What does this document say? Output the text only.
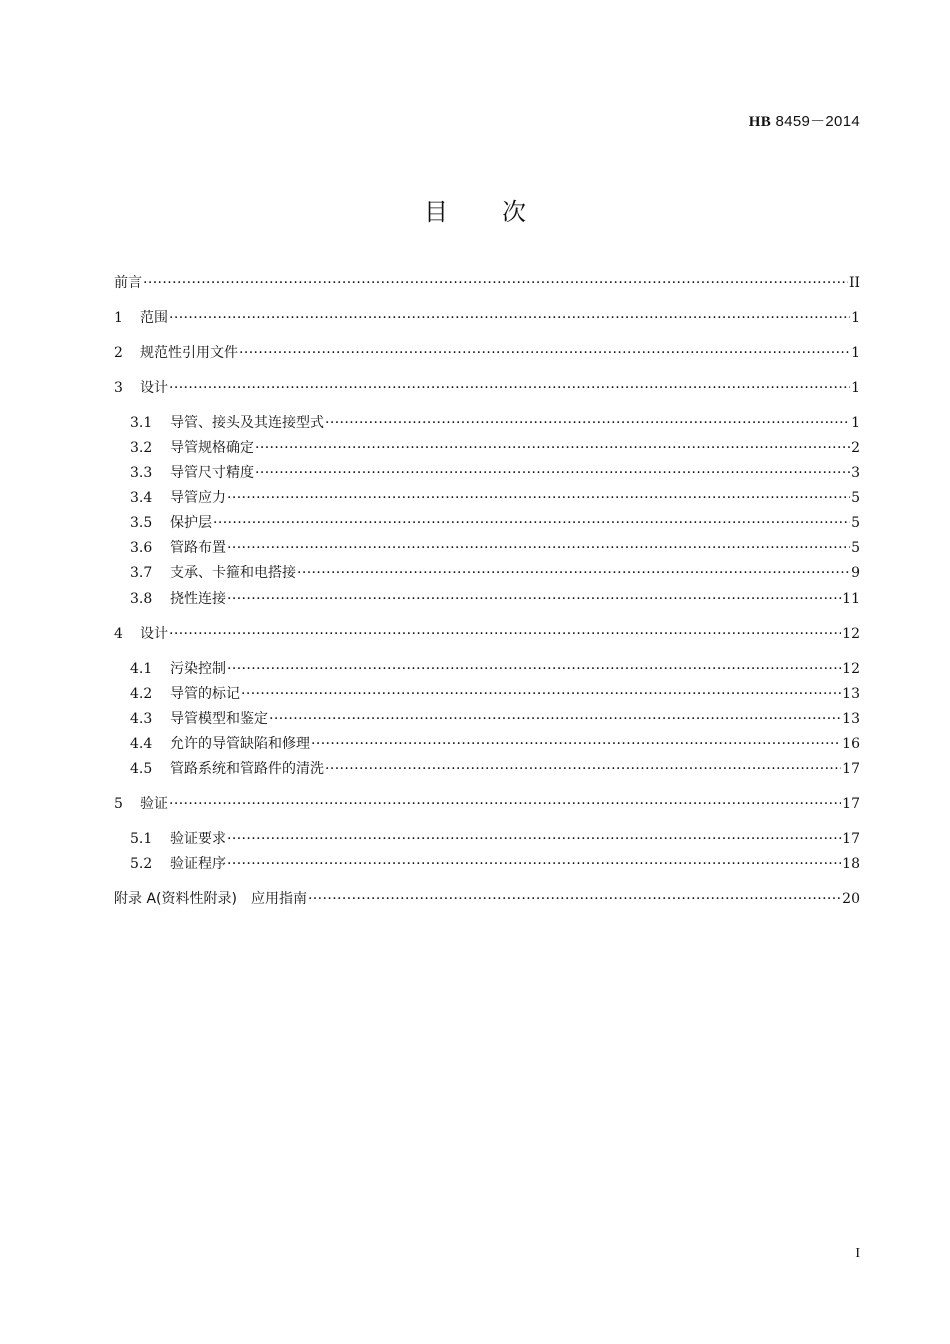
HB 8459－2014
目 次
前言 ·····	II
1	范围 ·····	1
2	规范性引用文件 ·····	1
3	设计 ·····	1
3.1	导管、接头及其连接型式 ·····	1
3.2	导管规格确定 ·····	2
3.3	导管尺寸精度 ·····	3
3.4	导管应力 ·····	5
3.5	保护层 ·····	5
3.6	管路布置 ·····	5
3.7	支承、卡箍和电搭接 ·····	9
3.8	挠性连接 ·····	11
4	设计 ·····	12
4.1	污染控制 ·····	12
4.2	导管的标记 ·····	13
4.3	导管模型和鉴定 ·····	13
4.4	允许的导管缺陷和修理 ·····	16
4.5	管路系统和管路件的清洗 ·····	17
5	验证 ·····	17
5.1	验证要求 ·····	17
5.2	验证程序 ·····	18
附录 A(资料性附录)　应用指南 ·····	20
I
